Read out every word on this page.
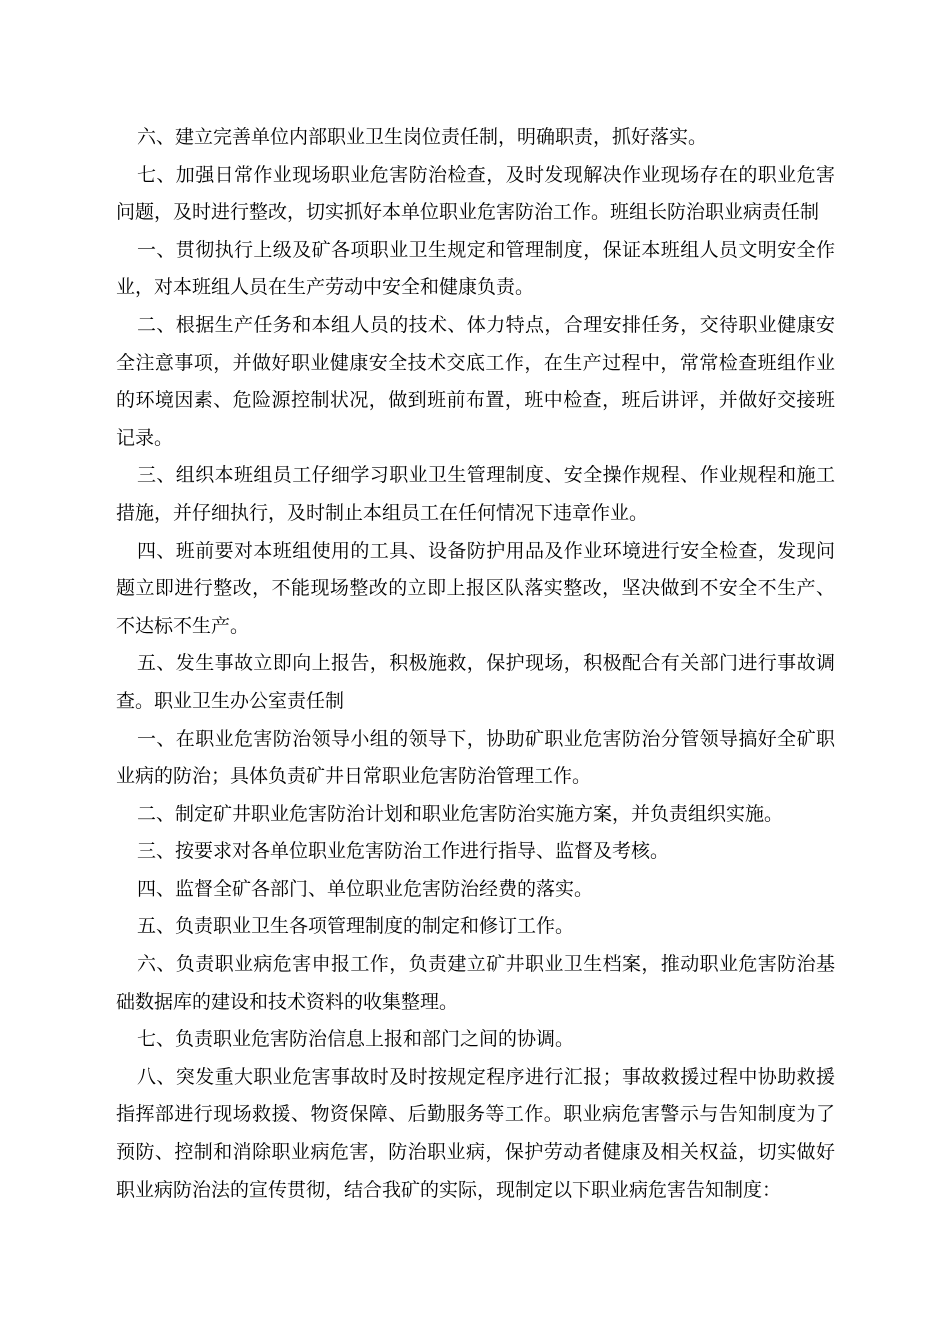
六、建立完善单位内部职业卫生岗位责任制，明确职责，抓好落实。

七、加强日常作业现场职业危害防治检查，及时发现解决作业现场存在的职业危害问题，及时进行整改，切实抓好本单位职业危害防治工作。班组长防治职业病责任制

一、贯彻执行上级及矿各项职业卫生规定和管理制度，保证本班组人员文明安全作业，对本班组人员在生产劳动中安全和健康负责。

二、根据生产任务和本组人员的技术、体力特点，合理安排任务，交待职业健康安全注意事项，并做好职业健康安全技术交底工作，在生产过程中，常常检查班组作业的环境因素、危险源控制状况，做到班前布置，班中检查，班后讲评，并做好交接班记录。

三、组织本班组员工仔细学习职业卫生管理制度、安全操作规程、作业规程和施工措施，并仔细执行，及时制止本组员工在任何情况下违章作业。

四、班前要对本班组使用的工具、设备防护用品及作业环境进行安全检查，发现问题立即进行整改，不能现场整改的立即上报区队落实整改，坚决做到不安全不生产、不达标不生产。

五、发生事故立即向上报告，积极施救，保护现场，积极配合有关部门进行事故调查。职业卫生办公室责任制

一、在职业危害防治领导小组的领导下，协助矿职业危害防治分管领导搞好全矿职业病的防治；具体负责矿井日常职业危害防治管理工作。

二、制定矿井职业危害防治计划和职业危害防治实施方案，并负责组织实施。

三、按要求对各单位职业危害防治工作进行指导、监督及考核。

四、监督全矿各部门、单位职业危害防治经费的落实。

五、负责职业卫生各项管理制度的制定和修订工作。

六、负责职业病危害申报工作，负责建立矿井职业卫生档案，推动职业危害防治基础数据库的建设和技术资料的收集整理。

七、负责职业危害防治信息上报和部门之间的协调。

八、突发重大职业危害事故时及时按规定程序进行汇报；事故救援过程中协助救援指挥部进行现场救援、物资保障、后勤服务等工作。职业病危害警示与告知制度为了预防、控制和消除职业病危害，防治职业病，保护劳动者健康及相关权益，切实做好职业病防治法的宣传贯彻，结合我矿的实际，现制定以下职业病危害告知制度：
